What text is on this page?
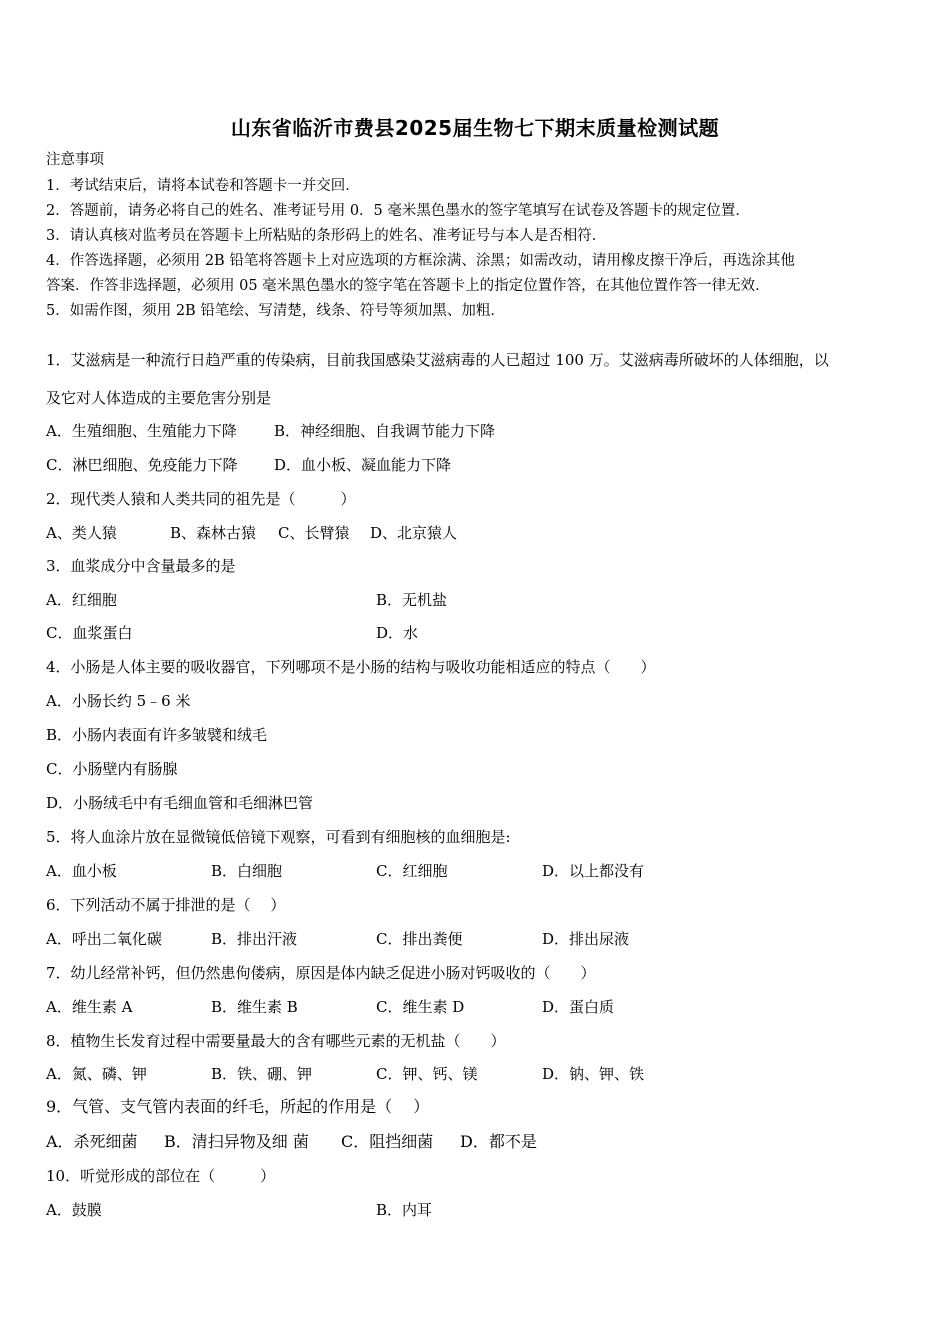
山东省临沂市费县2025届生物七下期末质量检测试题
注意事项
1．考试结束后，请将本试卷和答题卡一并交回．
2．答题前，请务必将自己的姓名、准考证号用 0．5 毫米黑色墨水的签字笔填写在试卷及答题卡的规定位置．
3．请认真核对监考员在答题卡上所粘贴的条形码上的姓名、准考证号与本人是否相符．
4．作答选择题，必须用 2B 铅笔将答题卡上对应选项的方框涂满、涂黑；如需改动，请用橡皮擦干净后，再选涂其他
答案．作答非选择题，必须用 05 毫米黑色墨水的签字笔在答题卡上的指定位置作答，在其他位置作答一律无效．
5．如需作图，须用 2B 铅笔绘、写清楚，线条、符号等须加黑、加粗．
1．艾滋病是一种流行日趋严重的传染病，目前我国感染艾滋病毒的人已超过 100 万。艾滋病毒所破坏的人体细胞，以
及它对人体造成的主要危害分别是
A．生殖细胞、生殖能力下降 B．神经细胞、自我调节能力下降
C．淋巴细胞、免疫能力下降 D．血小板、凝血能力下降
2．现代类人猿和人类共同的祖先是（　　　）
A、类人猿	B、森林古猿 C、长臂猿 D、北京猿人
3．血浆成分中含量最多的是
A．红细胞	B．无机盐
C．血浆蛋白	D．水
4．小肠是人体主要的吸收器官，下列哪项不是小肠的结构与吸收功能相适应的特点（　　）
A．小肠长约 5﹣6 米
B．小肠内表面有许多皱襞和绒毛
C．小肠壁内有肠腺
D．小肠绒毛中有毛细血管和毛细淋巴管
5．将人血涂片放在显微镜低倍镜下观察，可看到有细胞核的血细胞是:
A．血小板	B．白细胞	C．红细胞	D．以上都没有
6．下列活动不属于排泄的是（　 ）
A．呼出二氧化碳	B．排出汗液	C．排出粪便	D．排出尿液
7．幼儿经常补钙，但仍然患佝偻病，原因是体内缺乏促进小肠对钙吸收的（　　）
A．维生素 A	B．维生素 B	C．维生素 D	D．蛋白质
8．植物生长发育过程中需要量最大的含有哪些元素的无机盐（　　）
A．氮、磷、钾	B．铁、硼、钾	C．钾、钙、镁	D．钠、钾、铁
9．气管、支气管内表面的纤毛，所起的作用是（　 ）
A．杀死细菌 B．清扫异物及细 菌 C．阻挡细菌 D．都不是
10．听觉形成的部位在（　　　）
A．鼓膜	B．内耳
